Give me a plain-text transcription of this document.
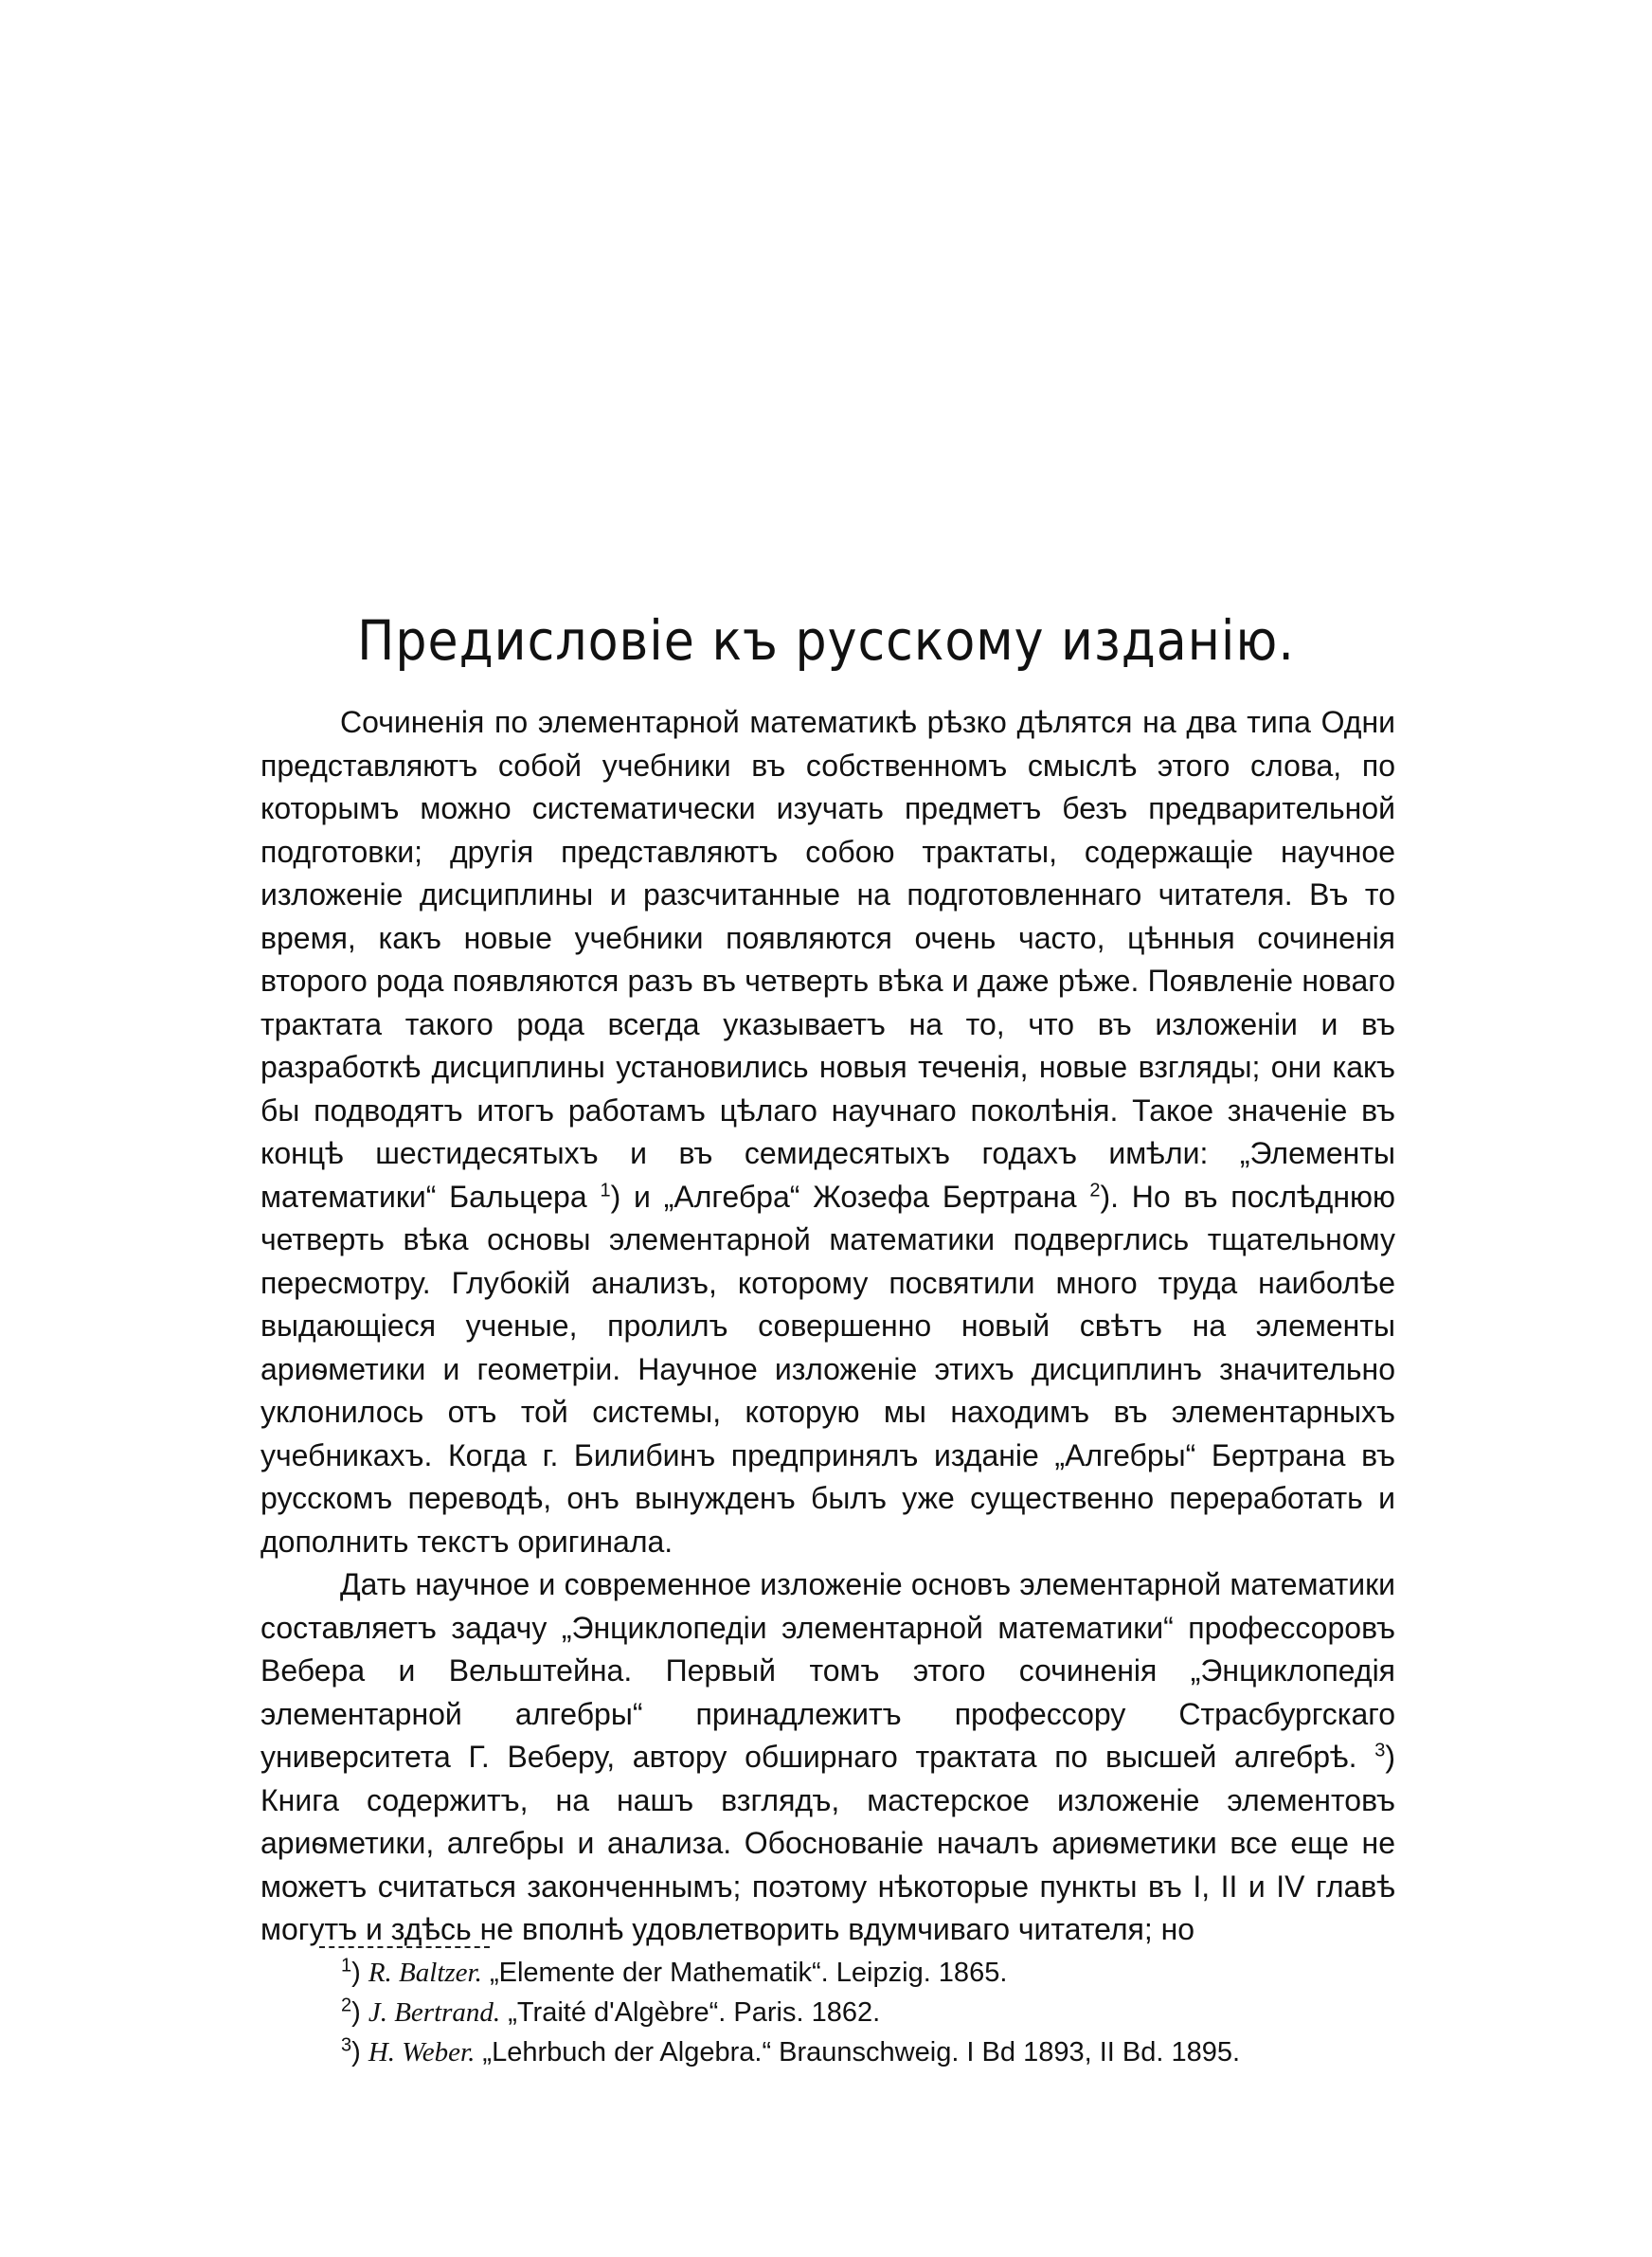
Предисловіе къ русскому изданію.

Сочиненія по элементарной математикѣ рѣзко дѣлятся на два типа Одни представляютъ собой учебники въ собственномъ смыслѣ этого слова, по которымъ можно систематически изучать предметъ безъ предварительной подготовки; другія представляютъ собою трактаты, содержащіе научное изложеніе дисциплины и разсчитанные на подготовленнаго читателя. Въ то время, какъ новые учебники появляются очень часто, цѣнныя сочиненія второго рода появляются разъ въ четверть вѣка и даже рѣже. Появленіе новаго трактата такого рода всегда указываетъ на то, что въ изложеніи и въ разработкѣ дисциплины установились новыя теченія, новые взгляды; они какъ бы подводятъ итогъ работамъ цѣлаго научнаго поколѣнія. Такое значеніе въ концѣ шестидесятыхъ и въ семидесятыхъ годахъ имѣли: „Элементы математики“ Бальцера $^1$) и „Алгебра“ Жозефа Бертрана $^2$). Но въ послѣднюю четверть вѣка основы элементарной математики подверглись тщательному пересмотру. Глубокій анализъ, которому посвятили много труда наиболѣе выдающіеся ученые, пролилъ совершенно новый свѣтъ на элементы ариѳметики и геометріи. Научное изложеніе этихъ дисциплинъ значительно уклонилось отъ той системы, которую мы находимъ въ элементарныхъ учебникахъ. Когда г. Билибинъ предпринялъ изданіе „Алгебры“ Бертрана въ русскомъ переводѣ, онъ вынужденъ былъ уже существенно переработать и дополнить текстъ оригинала.

Дать научное и современное изложеніе основъ элементарной математики составляетъ задачу „Энциклопедіи элементарной математики“ профессоровъ Вебера и Вельштейна. Первый томъ этого сочиненія „Энциклопедія элементарной алгебры“ принадлежитъ профессору Страсбургскаго университета Г. Веберу, автору обширнаго трактата по высшей алгебрѣ. $^3$) Книга содержитъ, на нашъ взглядъ, мастерское изложеніе элементовъ ариѳметики, алгебры и анализа. Обоснованіе началъ ариѳметики все еще не можетъ считаться законченнымъ; поэтому нѣкоторые пункты въ I, II и IV главѣ могутъ и здѣсь не вполнѣ удовлетворить вдумчиваго читателя; но

$^1$) R. Baltzer. „Elemente der Mathematik“. Leipzig. 1865.

$^2$) J. Bertrand. „Traité d'Algèbre“. Paris. 1862.

$^3$) H. Weber. „Lehrbuch der Algebra.“ Braunschweig. I Bd 1893, II Bd. 1895.
